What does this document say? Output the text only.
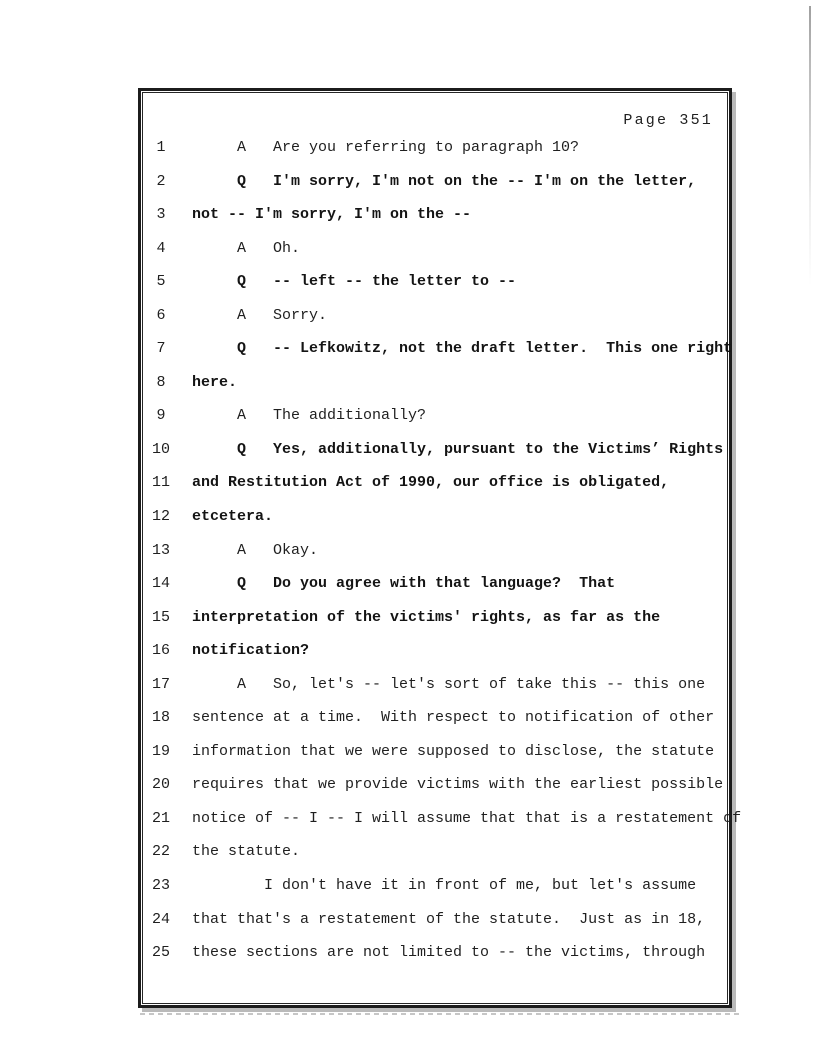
Page 351
1	A   Are you referring to paragraph 10?
2	Q   I'm sorry, I'm not on the -- I'm on the letter,
3	not -- I'm sorry, I'm on the --
4	A   Oh.
5	Q   -- left -- the letter to --
6	A   Sorry.
7	Q   -- Lefkowitz, not the draft letter.  This one right
8	here.
9	A   The additionally?
10 Q   Yes, additionally, pursuant to the Victims’ Rights
11 and Restitution Act of 1990, our office is obligated,
12 etcetera.
13 A   Okay.
14 Q   Do you agree with that language?  That
15 interpretation of the victims' rights, as far as the
16 notification?
17 A   So, let's -- let's sort of take this -- this one
18 sentence at a time.  With respect to notification of other
19 information that we were supposed to disclose, the statute
20 requires that we provide victims with the earliest possible
21 notice of -- I -- I will assume that that is a restatement of
22 the statute.
23 I don't have it in front of me, but let's assume
24 that that's a restatement of the statute.  Just as in 18,
25 these sections are not limited to -- the victims, through
